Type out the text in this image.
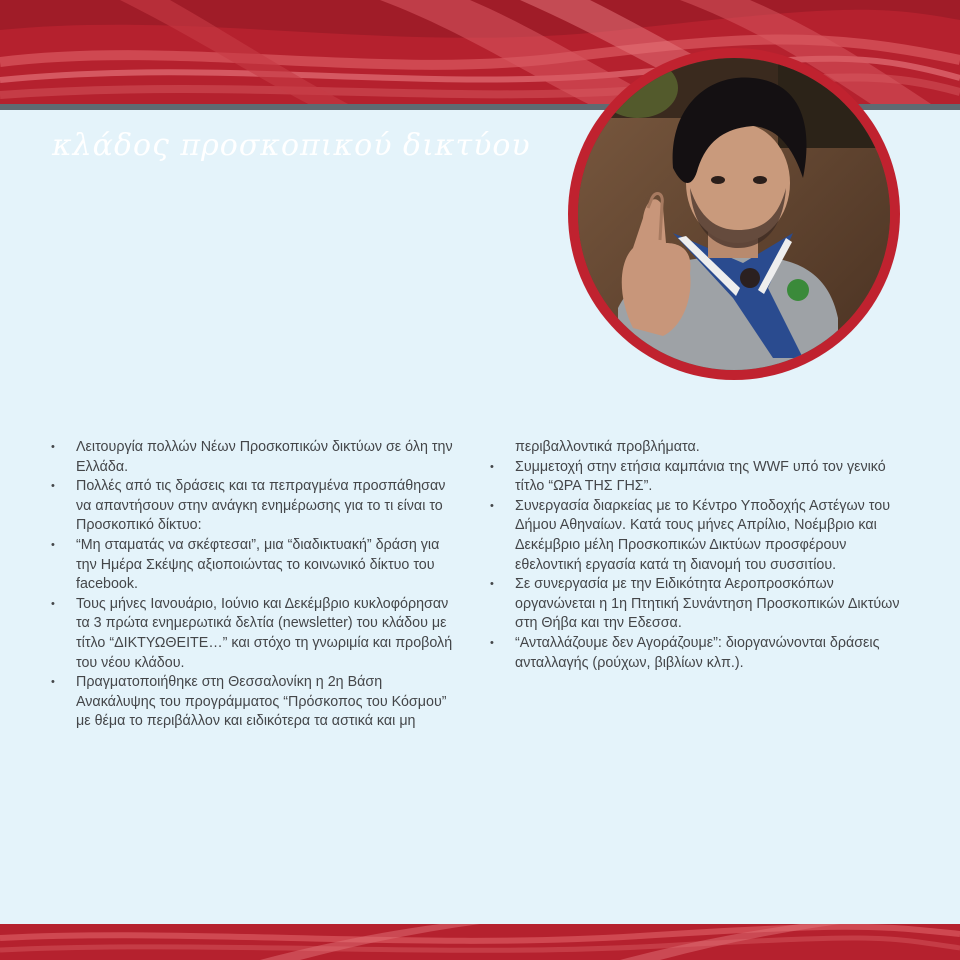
κλάδος προσκοπικού δικτύου
• Λειτουργία πολλών Νέων Προσκοπικών δικτύων σε όλη την Ελλάδα.
• Πολλές από τις δράσεις και τα πεπραγμένα προσπάθησαν να απαντήσουν στην ανάγκη ενημέρωσης για το τι είναι το Προσκοπικό δίκτυο:
• “Μη σταματάς να σκέφτεσαι”, μια “διαδικτυακή” δράση για την Ημέρα Σκέψης αξιοποιώντας το κοινωνικό δίκτυο του facebook.
• Τους μήνες Ιανουάριο, Ιούνιο και Δεκέμβριο κυκλοφόρησαν τα 3 πρώτα ενημερωτικά δελτία (newsletter) του κλάδου με τίτλο “ΔΙΚΤΥΩΘΕΙΤΕ…” και στόχο τη γνωριμία και προβολή του νέου κλάδου.
• Πραγματοποιήθηκε στη Θεσσαλονίκη η 2η Βάση Ανακάλυψης του προγράμματος “Πρόσκοπος του Κόσμου” με θέμα το περιβάλλον και ειδικότερα τα αστικά και μη
περιβαλλοντικά προβλήματα.
• Συμμετοχή στην ετήσια καμπάνια της WWF υπό τον γενικό τίτλο “ΩΡΑ ΤΗΣ ΓΗΣ”.
• Συνεργασία διαρκείας με το Κέντρο Υποδοχής Αστέγων του Δήμου Αθηναίων. Κατά τους μήνες Απρίλιο, Νοέμβριο και Δεκέμβριο μέλη Προσκοπικών Δικτύων προσφέρουν εθελοντική εργασία κατά τη διανομή του συσσιτίου.
• Σε συνεργασία με την Ειδικότητα Αεροπροσκόπων οργανώνεται η 1η Πτητική Συνάντηση Προσκοπικών Δικτύων στη Θήβα και την Εδεσσα.
• “Ανταλλάζουμε δεν Αγοράζουμε”: διοργανώνονται δράσεις ανταλλαγής (ρούχων, βιβλίων κλπ.).
